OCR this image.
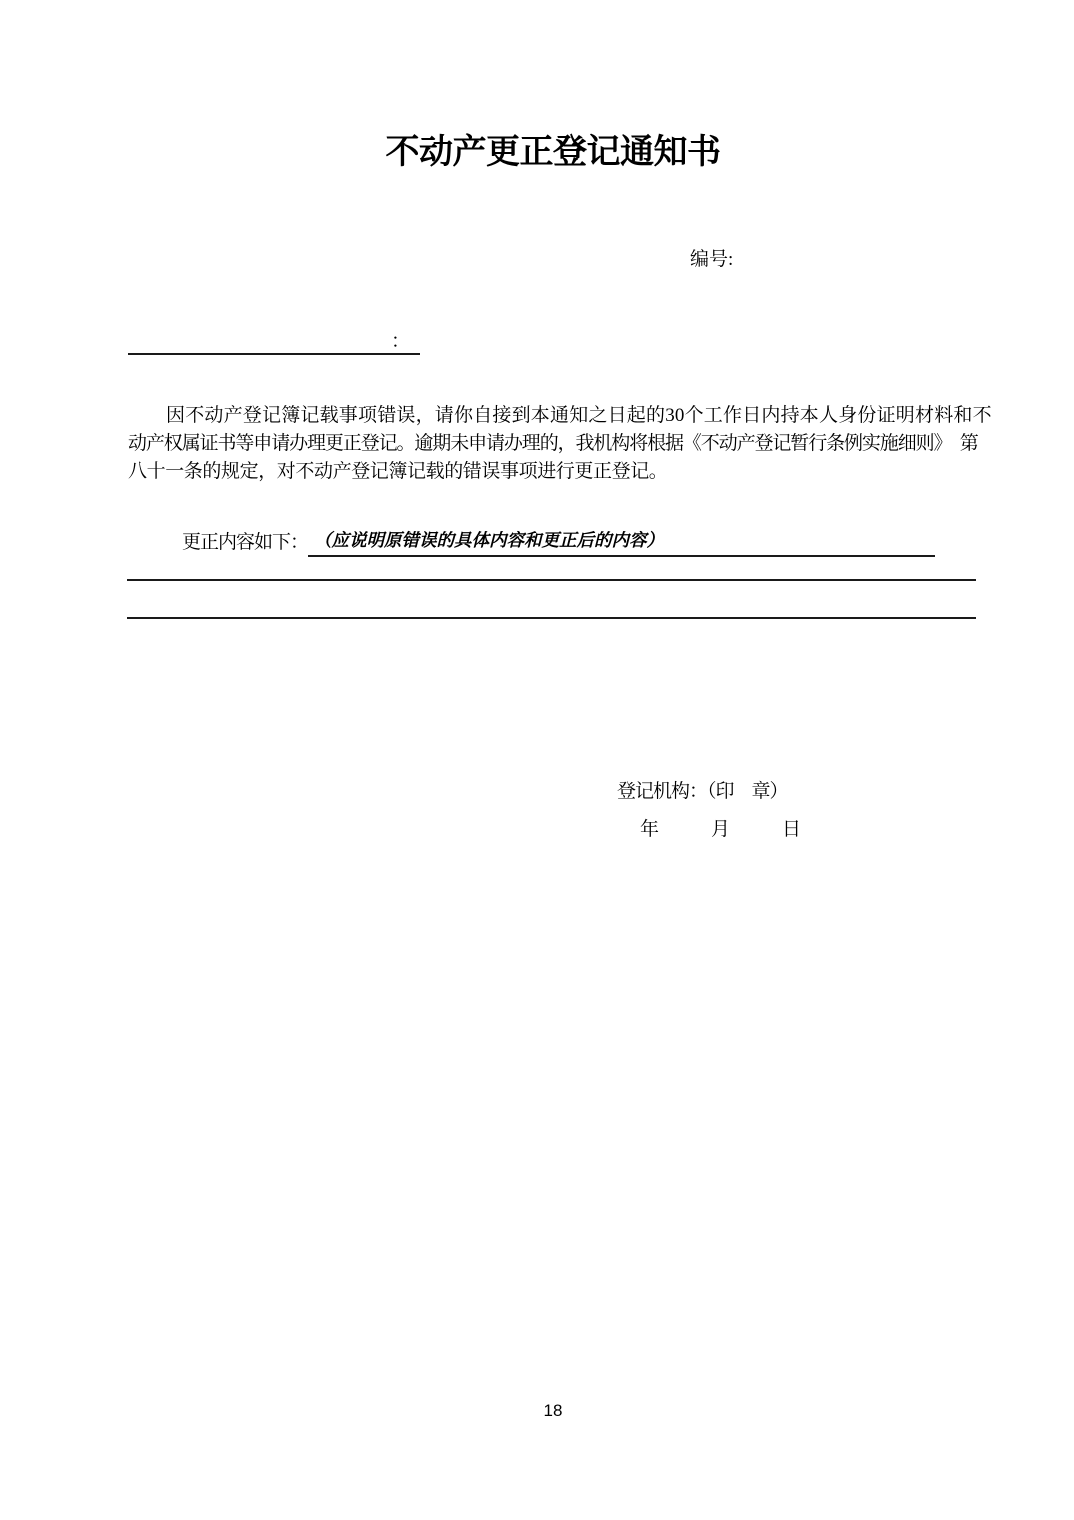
不动产更正登记通知书
编号:
：
因不动产登记簿记载事项错误，请你自接到本通知之日起的30个工作日内持本人身份证明材料和不
动产权属证书等申请办理更正登记。逾期未申请办理的，我机构将根据《不动产登记暂行条例实施细则》　第
八十一条的规定，对不动产登记簿记载的错误事项进行更正登记。
更正内容如下： （应说明原错误的具体内容和更正后的内容）
登记机构：（印　章）
年	月	日
18
